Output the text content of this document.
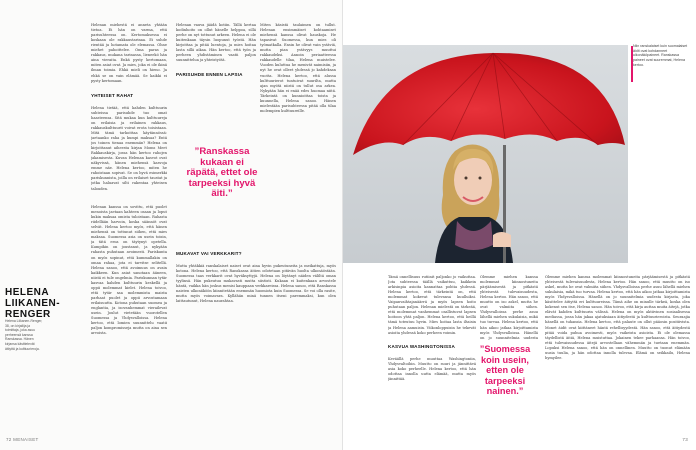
Helenan miehestä ei anneta yhtään tietoa. Ei hän on varma, että parisuhteessa on. Kertomuksessa ei koskaan ole rakkaustarinaa. Ei suhde rientää ja hotamata ole elemassa. Ohne miehet pahoittelee. Oma paras ja rakkaus, mukana tarinassa, lieneekö hän aina vieraita. Enkä pysty kertomaan, miten asiat ovat. Ja mies, joka ei ole ikinä ilman toimia. Ehkä mieli on hieno. Ja ehkä se on vain elämää. Se kaikki ei pysty kertomaan.

YHTEISET RAHAT

Helena tietää, että kahden kulttuurin suhteissa parisuhde tuo omat haasteensa. Sitä mukaa kun kulttuureja on erilaisia ja erilainen rakkaus, rakkauskulttuurit voivat erota toisistaan. Mitä tämä tarkoittaa käytännössä: jaetaanko raha ja kumpi maksaa? Entä jos toinen tienaa enemmän? Helena on kirjoittanut aiheesta kirjan Moms Meet Rakkauskirja, jossa hän kertoo rahojen jakamisesta. Kuvan Helenan kasvot ovat näkyvissä, hänen miehensä kasvoja emme näe. Helena kertoo, miten he rahoistaan sopivat. Se on hyvä esimerkki pariskunnista, joilla on erilaiset taustat ja jotka haluavat silti rakentaa yhteisen talouden.

Helenan kanssa on sovittu, että puolet menoista jaetaan kahteen osaan ja loput kukin maksaa omista tuloistaan. Rahasta riidellään harvoin, koska säännöt ovat selvät. Helena kertoo myös, että hänen miehensä on tottunut siihen, että mies maksaa. Suomessa asia on usein toisin, ja tätä eroa on täytynyt opetella. Kumpikin on joustanut, ja nykyään rahasta puhutaan avoimesti. Pariskunta on myös sopinut, että kummallakin on omaa rahaa, jota ei tarvitse selitellä. Helena sanoo, että avoimuus on avain kaikkeen. Kun asiat sanotaan ääneen, niistä ei tule ongelmia. Pariskunnan tytär kasvaa kahden kulttuurin keskellä ja oppii molemmat kielet. Helena toivoo, että tytär saa molemmista maista parhaat puolet ja oppii arvostamaan erilaisuutta. Kotona puhutaan suomea ja englantia, ja isovanhemmat vierailevat usein. Joulut vietetään vuorotellen Suomessa ja Yhdysvalloissa. Helena kertoo, että lomien suunnittelu vaatii paljon kompromisseja mutta on aina sen arvoista.

Helenan vauva jäädä kotiin. Tällä kertaa kodinhoito on ollut hänelle helppoa, sillä perhe on nyt tottunut arkeen. Helena ei ole kuitenkaan täysin luopunut työstä. Hän kirjoittaa ja pitää luentoja, ja mies hoitaa lasta sillä aikaa. Hän kertoo, että työn ja perheen yhdistäminen vaatii paljon suunnittelua ja yhteistyötä.

PARISUHDE ENNEN LAPSIA

Miten käsistä taulaimen on tullut. Helenan ensimmäiset kohtaamiset miehensä kanssa olivat hauskoja. He tapasivat Suomessa, kun mies oli työmatkalla. Ensin he olivat vain ystäviä, mutta pian ystävyys muuttui rakkaudeksi. Annoin periaatteessa rakkaudelle tilaa, Helena muistelee. Vuoden kuluttua he menivät naimisiin, ja nyt he ovat olleet yhdessä jo kahdeksan vuotta. Helena kertoo, että alussa kulttuurierot tuntuivat suurilta, mutta ajan myötä niistä on tullut osa arkea. Nykyään hän ei enää edes huomaa niitä. Tärkeintä on kunnioittaa toista ja kuunnella, Helena sanoo. Hänen mielestään parisuhteessa pitää olla tilaa molempien kulttuureille.

”Ranskassa kukaan ei räpätä, ettet ole tarpeeksi hyvä äiti.”

MUKAVAT VAI VERKKARIT?

Mutta yhtäkkiä ranskalaiset naiset ovat aina hyvin pukeutuneita ja meikattuja, myös kotona. Helena kertoo, että Ranskassa äitien odotetaan pitävän huolta ulkonäöstään. Suomessa taas verkkarit ovat hyväksyttyjä. Helena on löytänyt näiden väliltä oman tyylinsä. Hän pukeutuu mukavasti mutta siististi. Kukaan ei kuitenkaan arvostele häntä, vaikka hän joskus menisi kauppaan verkkareissa. Helena sanoo, että Ranskassa naisten ulkonäköön kiinnitetään enemmän huomiota kuin Suomessa. Se voi olla rasite, mutta myös voimavara. Kyllähän minä tunnen itseni paremmaksi, kun olen laittautunut, Helena naurahtaa.

HELENA
LIIKANEN-
RENGER
Helena Liikanen-Renger, 38, on kirjailija ja toimittaja, joka asuu perheensä kanssa Ranskassa. Hänen kirjansa käsittelevät äitiyttä ja kulttuurieroja.
72 MENAISET
Niin ranskalaiset kuin suomalaiset äidit ovat kohdanneet ulkonäköpaineet. Ranskassa paineet ovat suuremmat, Helena kertoo.

Tämä onnellisuus rutiinit paljonko jo vaikuttaa. Jota suhteessa täällä vaikuttuu, kaikkein arkisinpia asioita kannattaa pohtia yhdessä. Helena kertoo, että tärkeintä on, että molemmat kokevat tulevansa kuulluiksi. Vaipanvaihtajanäärrä ja myös lapsen hoito puhutaan paljon. Helenan mielestä on tärkeää, että molemmat vanhemmat osallistuvat lapsen hoitoon yhtä paljon. Helena kertoo, että heillä tämä toteutuu hyvin. Mies hoitaa lasta iltaisin ja Helena aamuisin. Viikonloppuisin he tekevät asioita yhdessä koko perheen voimin.

KASVUA WASHINGTONISSA

Keväällä perhe muuttaa Washingtoniin, Yhdysvaltoihin. Muutto on suuri ja jännittävä asia koko perheelle. Helena kertoo, että hän odottaa innolla uutta elämää, mutta myös jännittää.

Olemme miehen kanssa molemmat kiinnostuneita pärjäämisestä ja pitkästä yhteisestä tulevaisuudesta, Helena kertoo. Hän sanoo, että muutto on iso askel, mutta he ovat valmiita siihen. Yhdysvalloissa perhe asuu lähellä miehen sukulaisia, mikä tuo turvaa. Helena kertoo, että hän aikoo jatkaa kirjoittamista myös Yhdysvalloissa. Hänellä on jo suunnitelmia uudesta

”Suomessa koin usein, etten ole tarpeeksi nainen.”

Olemme miehen kanssa molemmat kiinnostuneita pärjäämisestä ja pitkästä yhteisestä tulevaisuudesta, Helena kertoo. Hän sanoo, että muutto on iso askel, mutta he ovat valmiita siihen. Yhdysvalloissa perhe asuu lähellä miehen sukulaisia, mikä tuo turvaa. Helena kertoo, että hän aikoo jatkaa kirjoittamista myös Yhdysvalloissa. Hänellä on jo suunnitelmia uudesta kirjasta, joka käsittelee äitiyttä eri kulttuureissa. Tämä aihe on minulle tärkeä, koska olen kokenut sen itse, Helena sanoo. Hän toivoo, että kirja auttaa muita äitejä, jotka elävät kahden kulttuurin välissä. Helena on myös aktiivinen sosiaalisessa mediassa, jossa hän jakaa ajatuksiaan äitiydestä ja kulttuurieroista. Seuraajia hänellä on tuhansia. Helena kertoo, että palaute on ollut pääosin positiivista. Monet äidit ovat kiittäneet häntä rehellisyydestä. Hän sanoo, että äitiydestä pitää voida puhua avoimesti, myös vaikeista asioista. Ei ole olemassa täydellistä äitiä, Helena muistuttaa. Jokainen tekee parhaansa. Hän toivoo, että tulevaisuudessa äitejä arvostellaan vähemmän ja tuetaan enemmän. Lopuksi Helena sanoo, että hän on onnellinen. Muutto on tuonut elämään uusia tuulia, ja hän odottaa innolla tulevaa. Elämä on seikkailu, Helena hymyilee.

73
